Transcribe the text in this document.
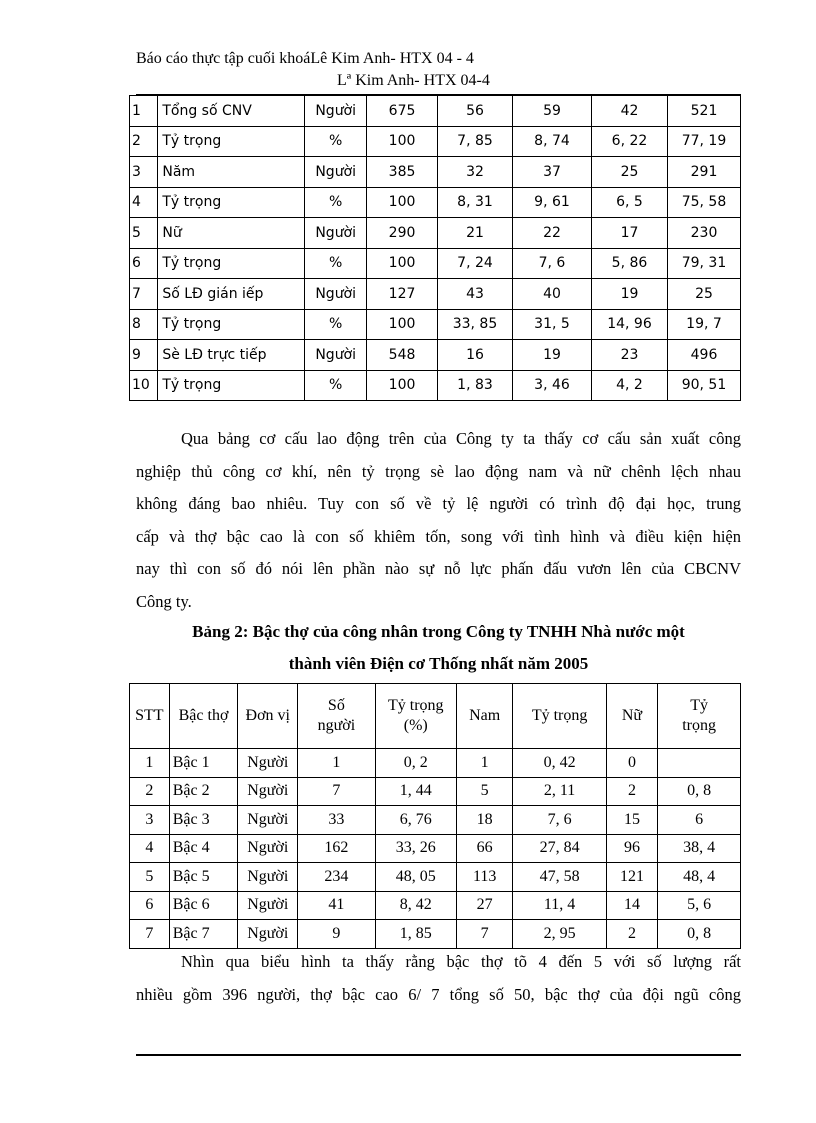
Báo cáo thực tập cuối khoáLê Kim Anh- HTX 04 - 4
Lª Kim Anh- HTX 04-4
1	Tổng số CNV	Người	675	56	59	42	521
2	Tỷ trọng	%	100	7, 85	8, 74	6, 22	77, 19
3	Năm	Người	385	32	37	25	291
4	Tỷ trọng	%	100	8, 31	9, 61	6, 5	75, 58
5	Nữ	Người	290	21	22	17	230
6	Tỷ trọng	%	100	7, 24	7, 6	5, 86	79, 31
7	Số LĐ gián iếp	Người	127	43	40	19	25
8	Tỷ trọng	%	100	33, 85	31, 5	14, 96	19, 7
9	Sè LĐ trực tiếp	Người	548	16	19	23	496
10	Tỷ trọng	%	100	1, 83	3, 46	4, 2	90, 51
Qua bảng cơ cấu lao động trên của Công ty ta thấy cơ cấu sản xuất công
nghiệp thủ công cơ khí, nên tỷ trọng sè lao động nam và nữ chênh lệch nhau
không đáng bao nhiêu. Tuy con số về tỷ lệ người có trình độ đại học, trung
cấp và thợ bậc cao là con số khiêm tốn, song với tình hình và điều kiện hiện
nay thì con số đó nói lên phần nào sự nỗ lực phấn đấu vươn lên của CBCNV
Công ty.
Bảng 2: Bậc thợ của công nhân trong Công ty TNHH Nhà nước một
thành viên Điện cơ Thống nhất năm 2005
STT	Bậc thợ	Đơn vị	Số người	Tỷ trọng (%)	Nam	Tỷ trọng	Nữ	Tỷ trọng
1	Bậc 1	Người	1	0, 2	1	0, 42	0	
2	Bậc 2	Người	7	1, 44	5	2, 11	2	0, 8
3	Bậc 3	Người	33	6, 76	18	7, 6	15	6
4	Bậc 4	Người	162	33, 26	66	27, 84	96	38, 4
5	Bậc 5	Người	234	48, 05	113	47, 58	121	48, 4
6	Bậc 6	Người	41	8, 42	27	11, 4	14	5, 6
7	Bậc 7	Người	9	1, 85	7	2, 95	2	0, 8
Nhìn qua biểu hình ta thấy rằng bậc thợ tõ 4 đến 5 với số lượng rất
nhiều gồm 396 người, thợ bậc cao 6/ 7 tổng số 50, bậc thợ của đội ngũ công
